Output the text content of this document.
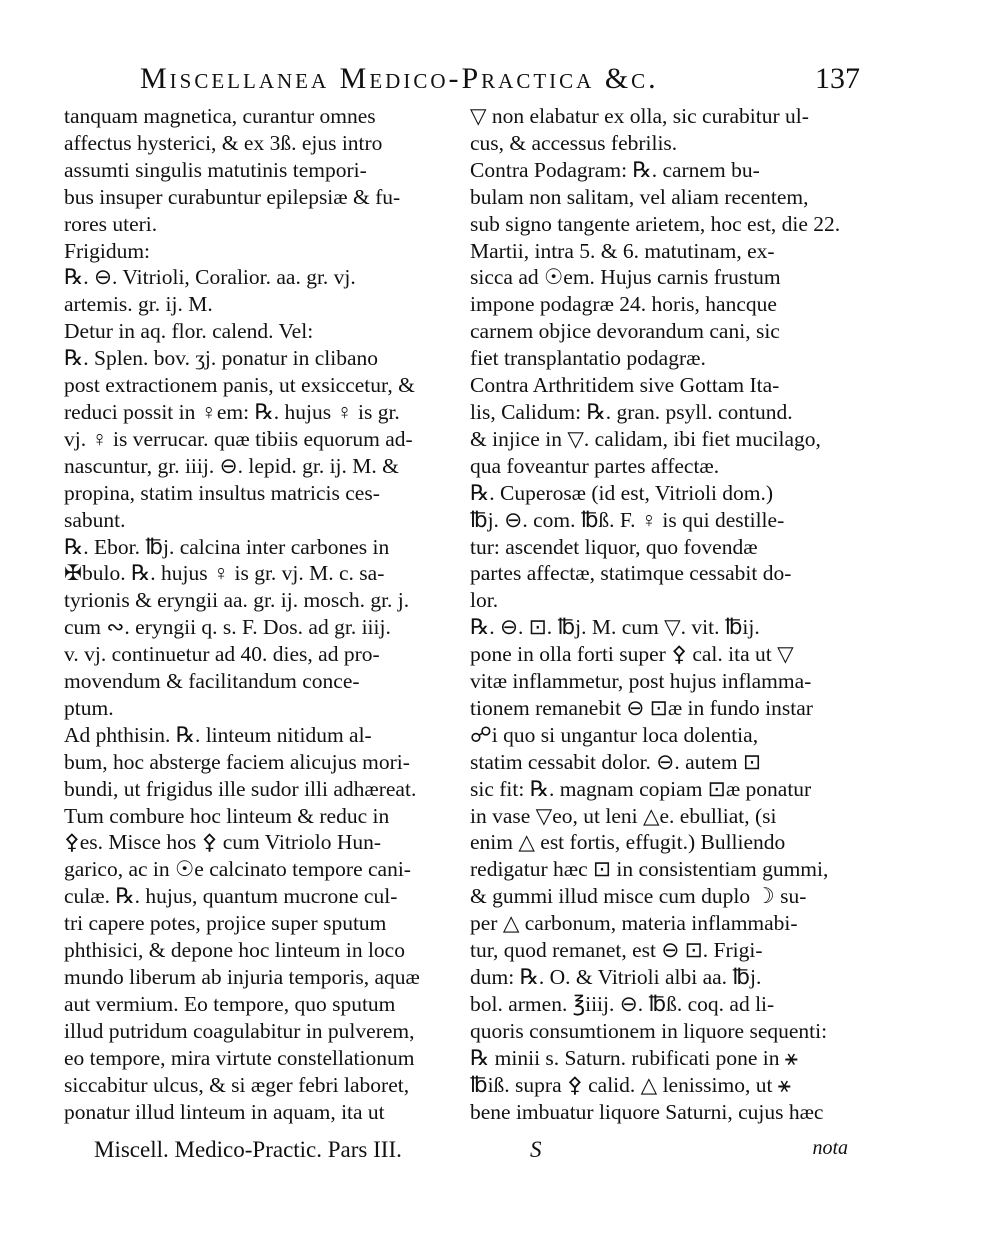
Miscellanea Medico-Practica &c.	137

tanquam magnetica, curantur omnes

affectus hysterici, & ex 3ß. ejus intro

assumti singulis matutinis tempori-

bus insuper curabuntur epilepsiæ & fu-

rores uteri.

Frigidum:

℞. ⊖. Vitrioli, Coralior. aa. gr. vj.

artemis. gr. ij. M.

Detur in aq. flor. calend. Vel:

℞. Splen. bov. ʒj. ponatur in clibano

post extractionem panis, ut exsiccetur, &

reduci possit in ♀em: ℞. hujus ♀ is gr.

vj. ♀ is verrucar. quæ tibiis equorum ad-

nascuntur, gr. iiij. ⊖. lepid. gr. ij. M. &

propina, statim insultus matricis ces-

sabunt.

℞. Ebor. ℔j. calcina inter carbones in

✠bulo. ℞. hujus ♀ is gr. vj. M. c. sa-

tyrionis & eryngii aa. gr. ij. mosch. gr. j.

cum ∾. eryngii q. s. F. Dos. ad gr. iiij.

v. vj. continuetur ad 40. dies, ad pro-

movendum & facilitandum conce-

ptum.

Ad phthisin. ℞. linteum nitidum al-

bum, hoc absterge faciem alicujus mori-

bundi, ut frigidus ille sudor illi adhæreat.

Tum combure hoc linteum & reduc in

⚴es. Misce hos ⚴ cum Vitriolo Hun-

garico, ac in ☉e calcinato tempore cani-

culæ. ℞. hujus, quantum mucrone cul-

tri capere potes, projice super sputum

phthisici, & depone hoc linteum in loco

mundo liberum ab injuria temporis, aquæ

aut vermium. Eo tempore, quo sputum

illud putridum coagulabitur in pulverem,

eo tempore, mira virtute constellationum

siccabitur ulcus, & si æger febri laboret,

ponatur illud linteum in aquam, ita ut

▽ non elabatur ex olla, sic curabitur ul-

cus, & accessus febrilis.

Contra Podagram: ℞. carnem bu-

bulam non salitam, vel aliam recentem,

sub signo tangente arietem, hoc est, die 22.

Martii, intra 5. & 6. matutinam, ex-

sicca ad ☉em. Hujus carnis frustum

impone podagræ 24. horis, hancque

carnem objice devorandum cani, sic

fiet transplantatio podagræ.

Contra Arthritidem sive Gottam Ita-

lis, Calidum: ℞. gran. psyll. contund.

& injice in ▽. calidam, ibi fiet mucilago,

qua foveantur partes affectæ.

℞. Cuperosæ (id est, Vitrioli dom.)

℔j. ⊖. com. ℔ß. F. ♀ is qui destille-

tur: ascendet liquor, quo fovendæ

partes affectæ, statimque cessabit do-

lor.

℞. ⊖. ⊡. ℔j. M. cum ▽. vit. ℔ij.

pone in olla forti super ⚴ cal. ita ut ▽

vitæ inflammetur, post hujus inflamma-

tionem remanebit ⊖ ⊡æ in fundo instar

☍i quo si ungantur loca dolentia,

statim cessabit dolor. ⊖. autem ⊡

sic fit: ℞. magnam copiam ⊡æ ponatur

in vase ▽eo, ut leni △e. ebulliat, (si

enim △ est fortis, effugit.) Bulliendo

redigatur hæc ⊡ in consistentiam gummi,

& gummi illud misce cum duplo ☽ su-

per △ carbonum, materia inflammabi-

tur, quod remanet, est ⊖ ⊡. Frigi-

dum: ℞. O. & Vitrioli albi aa. ℔j.

bol. armen. ℥iiij. ⊖. ℔ß. coq. ad li-

quoris consumtionem in liquore sequenti:

℞ minii s. Saturn. rubificati pone in ⚹

℔iß. supra ⚴ calid. △ lenissimo, ut ⚹

bene imbuatur liquore Saturni, cujus hæc

Miscell. Medico-Practic. Pars III.	S	nota
